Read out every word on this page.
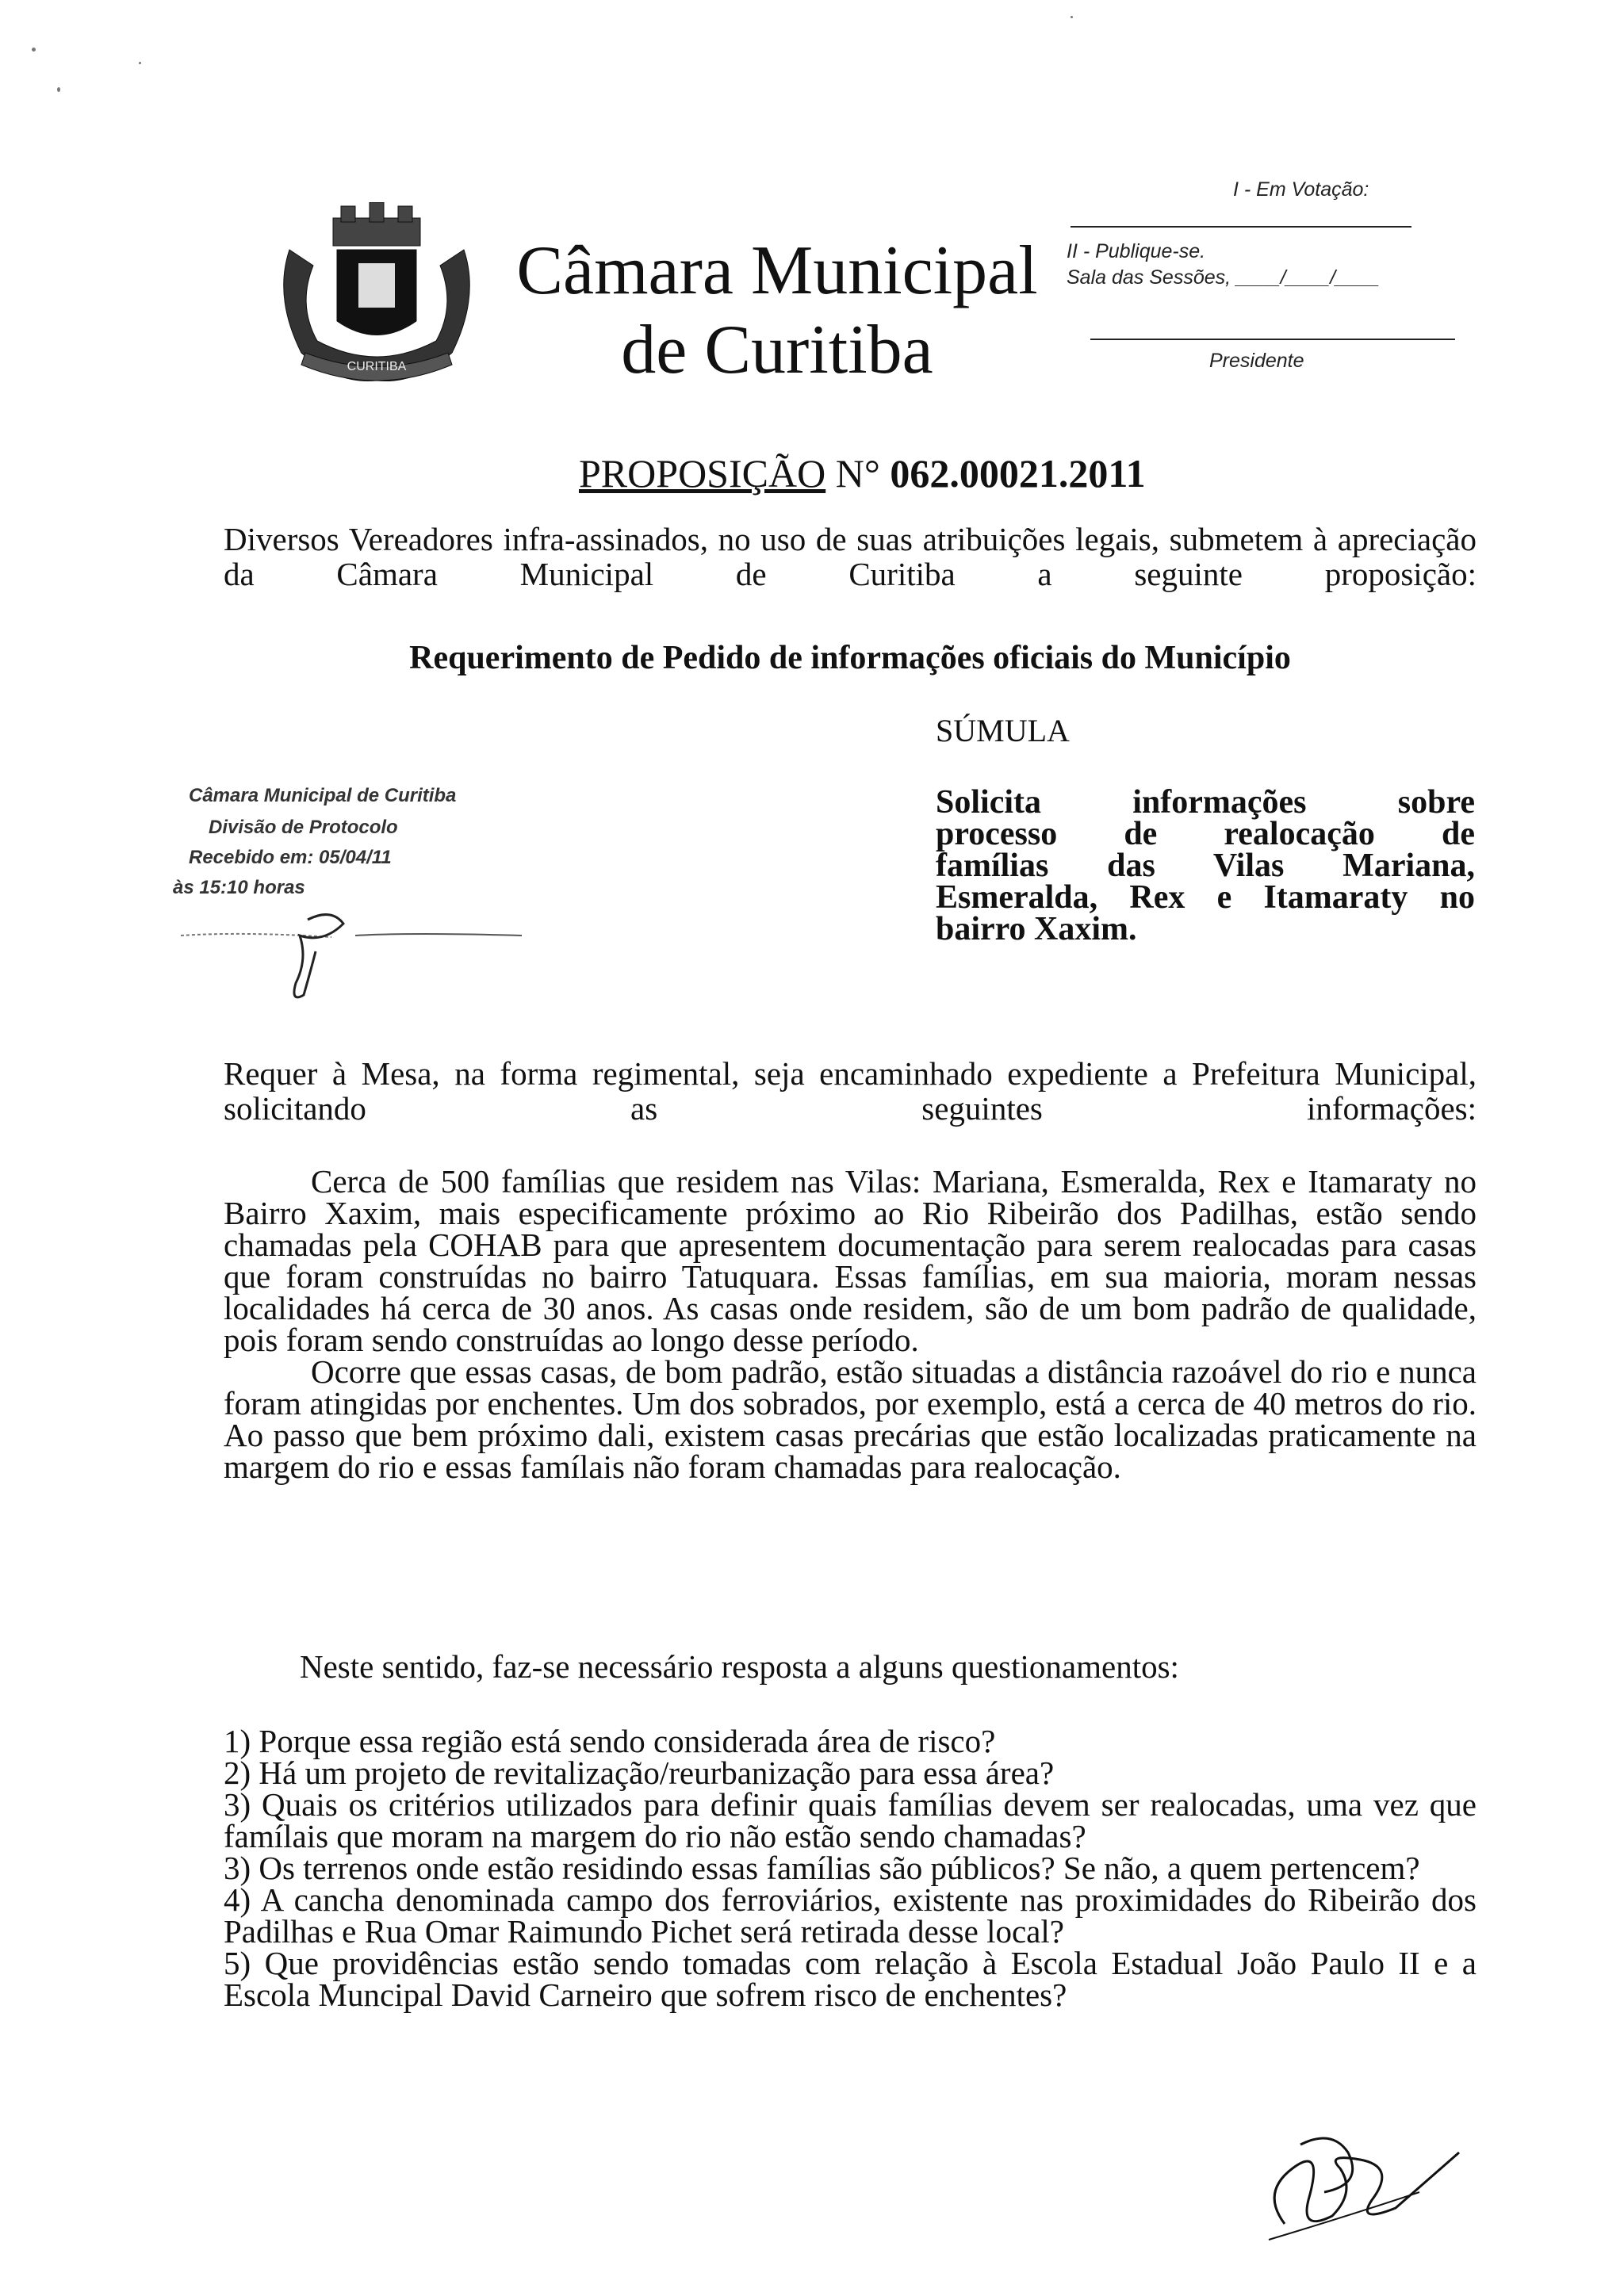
CURITIBA
Câmara Municipal
de Curitiba
I - Em Votação:
II - Publique-se.
Sala das Sessões, ____/____/____
Presidente
PROPOSIÇÃO N° 062.00021.2011
Diversos Vereadores infra-assinados, no uso de suas atribuições legais, submetem à apreciação da Câmara Municipal de Curitiba a seguinte proposição:
Requerimento de Pedido de informações oficiais do Município
SÚMULA
Solicita informações sobre
processo de realocação de
famílias das Vilas Mariana,
Esmeralda, Rex e Itamaraty no
bairro Xaxim.
Câmara Municipal de Curitiba
Divisão de Protocolo
Recebido em: 05/04/11
às 15:10 horas
Requer à Mesa, na forma regimental, seja encaminhado expediente a Prefeitura Municipal, solicitando as seguintes informações:

Cerca de 500 famílias que residem nas Vilas: Mariana, Esmeralda, Rex e Itamaraty no Bairro Xaxim, mais especificamente próximo ao Rio Ribeirão dos Padilhas, estão sendo chamadas pela COHAB para que apresentem documentação para serem realocadas para casas que foram construídas no bairro Tatuquara. Essas famílias, em sua maioria, moram nessas localidades há cerca de 30 anos. As casas onde residem, são de um bom padrão de qualidade, pois foram sendo construídas ao longo desse período.

Ocorre que essas casas, de bom padrão, estão situadas a distância razoável do rio e nunca foram atingidas por enchentes. Um dos sobrados, por exemplo, está a cerca de 40 metros do rio. Ao passo que bem próximo dali, existem casas precárias que estão localizadas praticamente na margem do rio e essas famílais não foram chamadas para realocação.

Neste sentido, faz-se necessário resposta a alguns questionamentos:
1) Porque essa região está sendo considerada área de risco?
2) Há um projeto de revitalização/reurbanização para essa área?
3) Quais os critérios utilizados para definir quais famílias devem ser realocadas, uma vez que famílais que moram na margem do rio não estão sendo chamadas?
3) Os terrenos onde estão residindo essas famílias são públicos? Se não, a quem pertencem?
4) A cancha denominada campo dos ferroviários, existente nas proximidades do Ribeirão dos Padilhas e Rua Omar Raimundo Pichet será retirada desse local?
5) Que providências estão sendo tomadas com relação à Escola Estadual João Paulo II e a Escola Muncipal David Carneiro que sofrem risco de enchentes?
